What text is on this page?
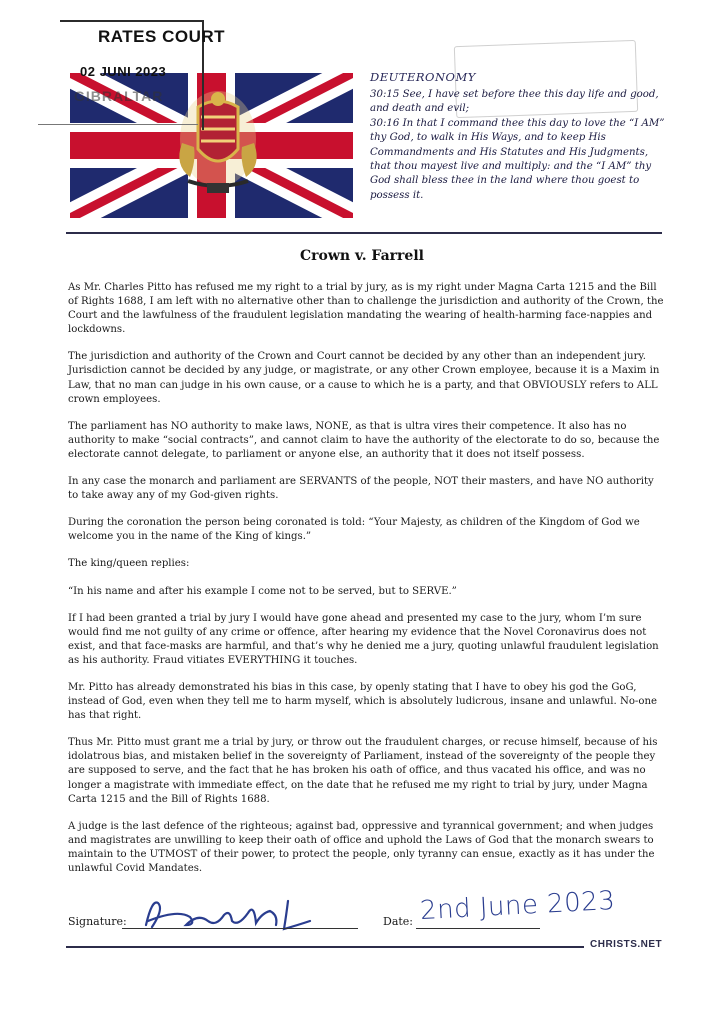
RATES COURT
02 JUNI 2023
GIBRALTAR
DEUTERONOMY

30:15 See, I have set before thee this day life and good, and death and evil;

30:16 In that I command thee this day to love the “I AM” thy God, to walk in His Ways, and to keep His Commandments and His Statutes and His Judgments, that thou mayest live and multiply: and the “I AM” thy God shall bless thee in the land where thou goest to possess it.

Crown v. Farrell

As Mr. Charles Pitto has refused me my right to a trial by jury, as is my right under Magna Carta 1215 and the Bill of Rights 1688, I am left with no alternative other than to challenge the jurisdiction and authority of the Crown, the Court and the lawfulness of the fraudulent legislation mandating the wearing of health-harming face-nappies and lockdowns.

The jurisdiction and authority of the Crown and Court cannot be decided by any other than an independent jury. Jurisdiction cannot be decided by any judge, or magistrate, or any other Crown employee, because it is a Maxim in Law, that no man can judge in his own cause, or a cause to which he is a party, and that OBVIOUSLY refers to ALL crown employees.

The parliament has NO authority to make laws, NONE, as that is ultra vires their competence. It also has no authority to make “social contracts”, and cannot claim to have the authority of the electorate to do so, because the electorate cannot delegate, to parliament or anyone else, an authority that it does not itself possess.

In any case the monarch and parliament are SERVANTS of the people, NOT their masters, and have NO authority to take away any of my God-given rights.

During the coronation the person being coronated is told: “Your Majesty, as children of the Kingdom of God we welcome you in the name of the King of kings.”

The king/queen replies:

“In his name and after his example I come not to be served, but to SERVE.”

If I had been granted a trial by jury I would have gone ahead and presented my case to the jury, whom I’m sure would find me not guilty of any crime or offence, after hearing my evidence that the Novel Coronavirus does not exist, and that face-masks are harmful, and that’s why he denied me a jury, quoting unlawful fraudulent legislation as his authority. Fraud vitiates EVERYTHING it touches.

Mr. Pitto has already demonstrated his bias in this case, by openly stating that I have to obey his god the GoG, instead of God, even when they tell me to harm myself, which is absolutely ludicrous, insane and unlawful. No-one has that right.

Thus Mr. Pitto must grant me a trial by jury, or throw out the fraudulent charges, or recuse himself, because of his idolatrous bias, and mistaken belief in the sovereignty of Parliament, instead of the sovereignty of the people they are supposed to serve, and the fact that he has broken his oath of office, and thus vacated his office, and was no longer a magistrate with immediate effect, on the date that he refused me my right to trial by jury, under Magna Carta 1215 and the Bill of Rights 1688.

A judge is the last defence of the righteous; against bad, oppressive and tyrannical government; and when judges and magistrates are unwilling to keep their oath of office and uphold the Laws of God that the monarch swears to maintain to the UTMOST of their power, to protect the people, only tyranny can ensue, exactly as it has under the unlawful Covid Mandates.

Signature:	Date: 2nd June 2023
CHRISTS.NET
